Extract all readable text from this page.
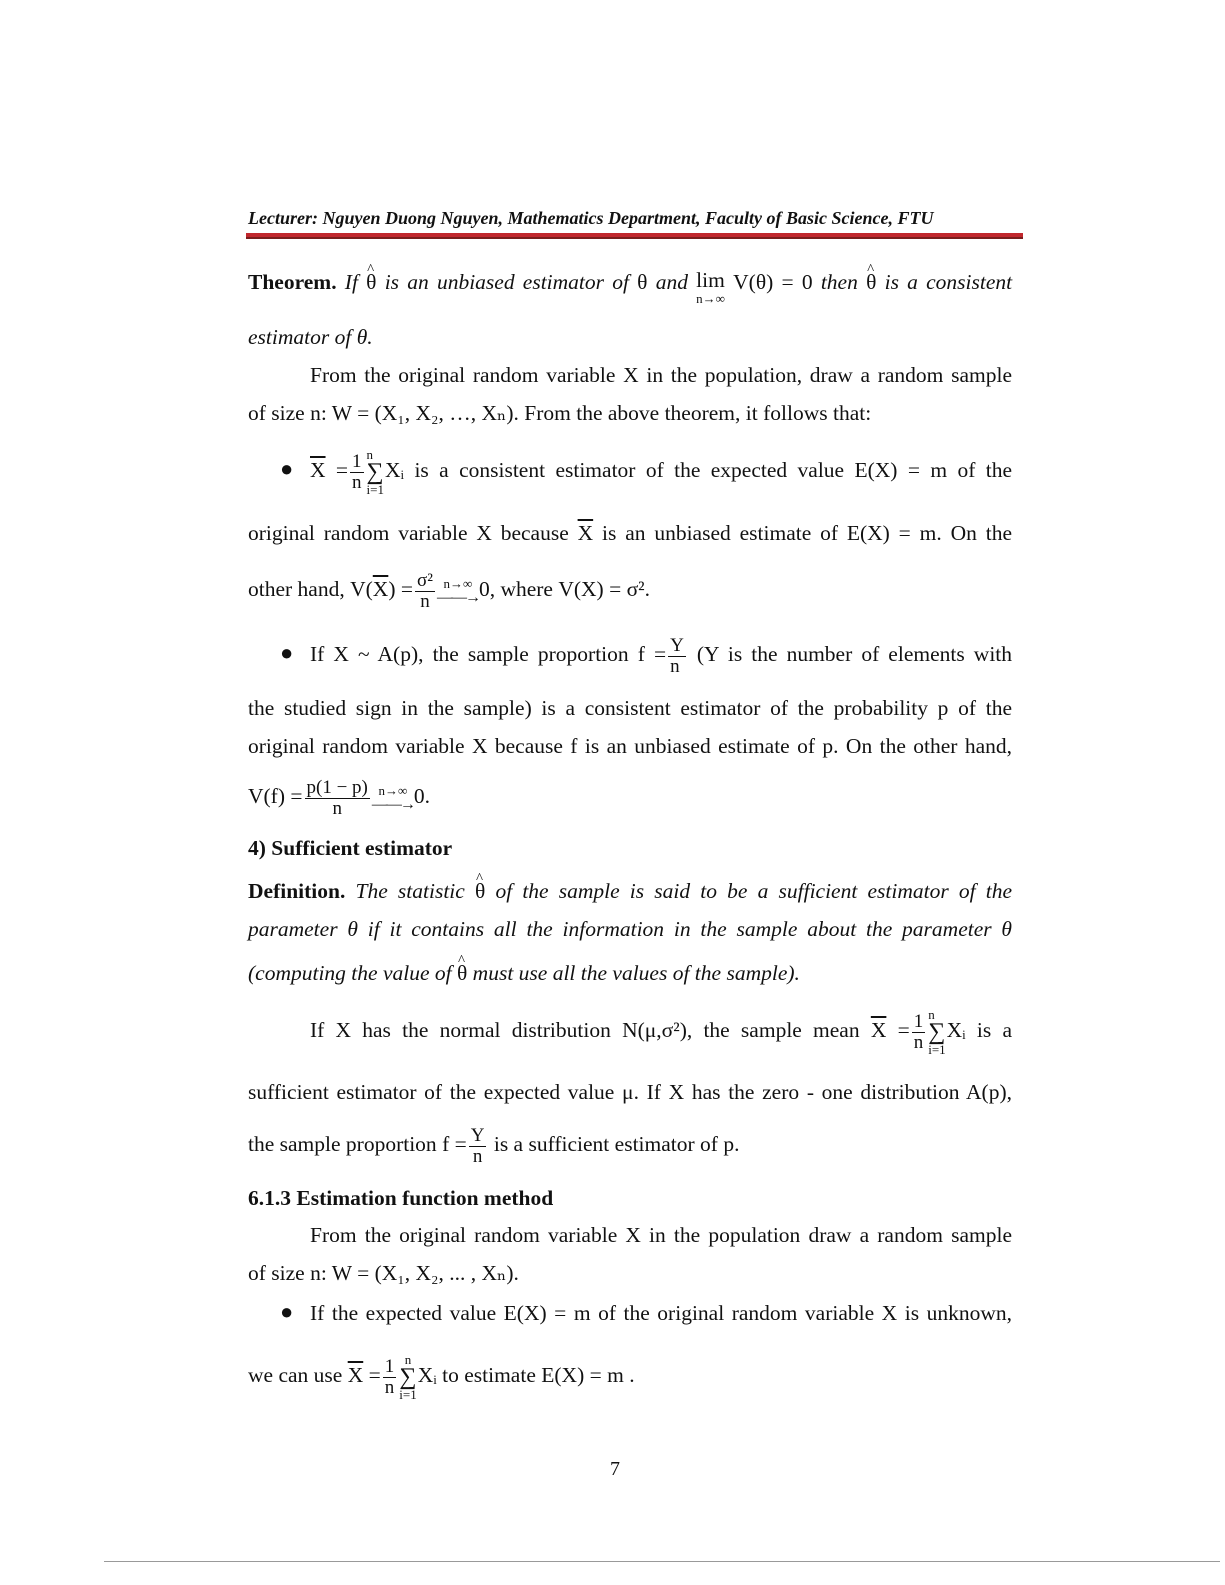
Lecturer: Nguyen Duong Nguyen, Mathematics Department, Faculty of Basic Science, FTU
Theorem. If ^ θ is an unbiased estimator of θ and lim
n→∞
V(θ) = 0 then ^ θ is a consistent
estimator of θ.
From the original random variable X in the population, draw a random sample
of size n: W = (X₁, X₂, …, Xₙ). From the above theorem, it follows that:
● $\overline{X} = \frac{1}{n}$ n
∑
i=1
Xᵢ is a consistent estimator of the expected value E(X) = m of the
original random variable X because $\overline{X}$ is an unbiased estimate of E(X) = m. On the
other hand, $V(\overline{X}) = \frac{\text{σ²}}{n} n\to\infty$
——→ 0, where V(X) = σ².
● If X ~ A(p), the sample proportion $f = \frac{Y}{n} (Y$ is the number of elements with
the studied sign in the sample) is a consistent estimator of the probability p of the
original random variable X because f is an unbiased estimate of p. On the other hand,
$V(f) = \frac{p(1 - p)}{n} n\to\infty$
——→ 0.
4) Sufficient estimator
Definition. The statistic ^ θ of the sample is said to be a sufficient estimator of the
parameter θ if it contains all the information in the sample about the parameter θ
(computing the value of ^ θ must use all the values of the sample).
If X has the normal distribution N(μ,σ²), the sample mean $\overline{X} = \frac{1}{n}$ n
∑
i=1
Xᵢ is a
sufficient estimator of the expected value μ. If X has the zero - one distribution A(p),
the sample proportion $f = \frac{Y}{n}$ is a sufficient estimator of p.
6.1.3 Estimation function method
From the original random variable X in the population draw a random sample
of size n: W = (X₁, X₂, ... , Xₙ).
● If the expected value E(X) = m of the original random variable X is unknown,
we can use $\overline{X} = \frac{1}{n}$ n
∑
i=1
Xᵢ to estimate E(X) = m .
7
